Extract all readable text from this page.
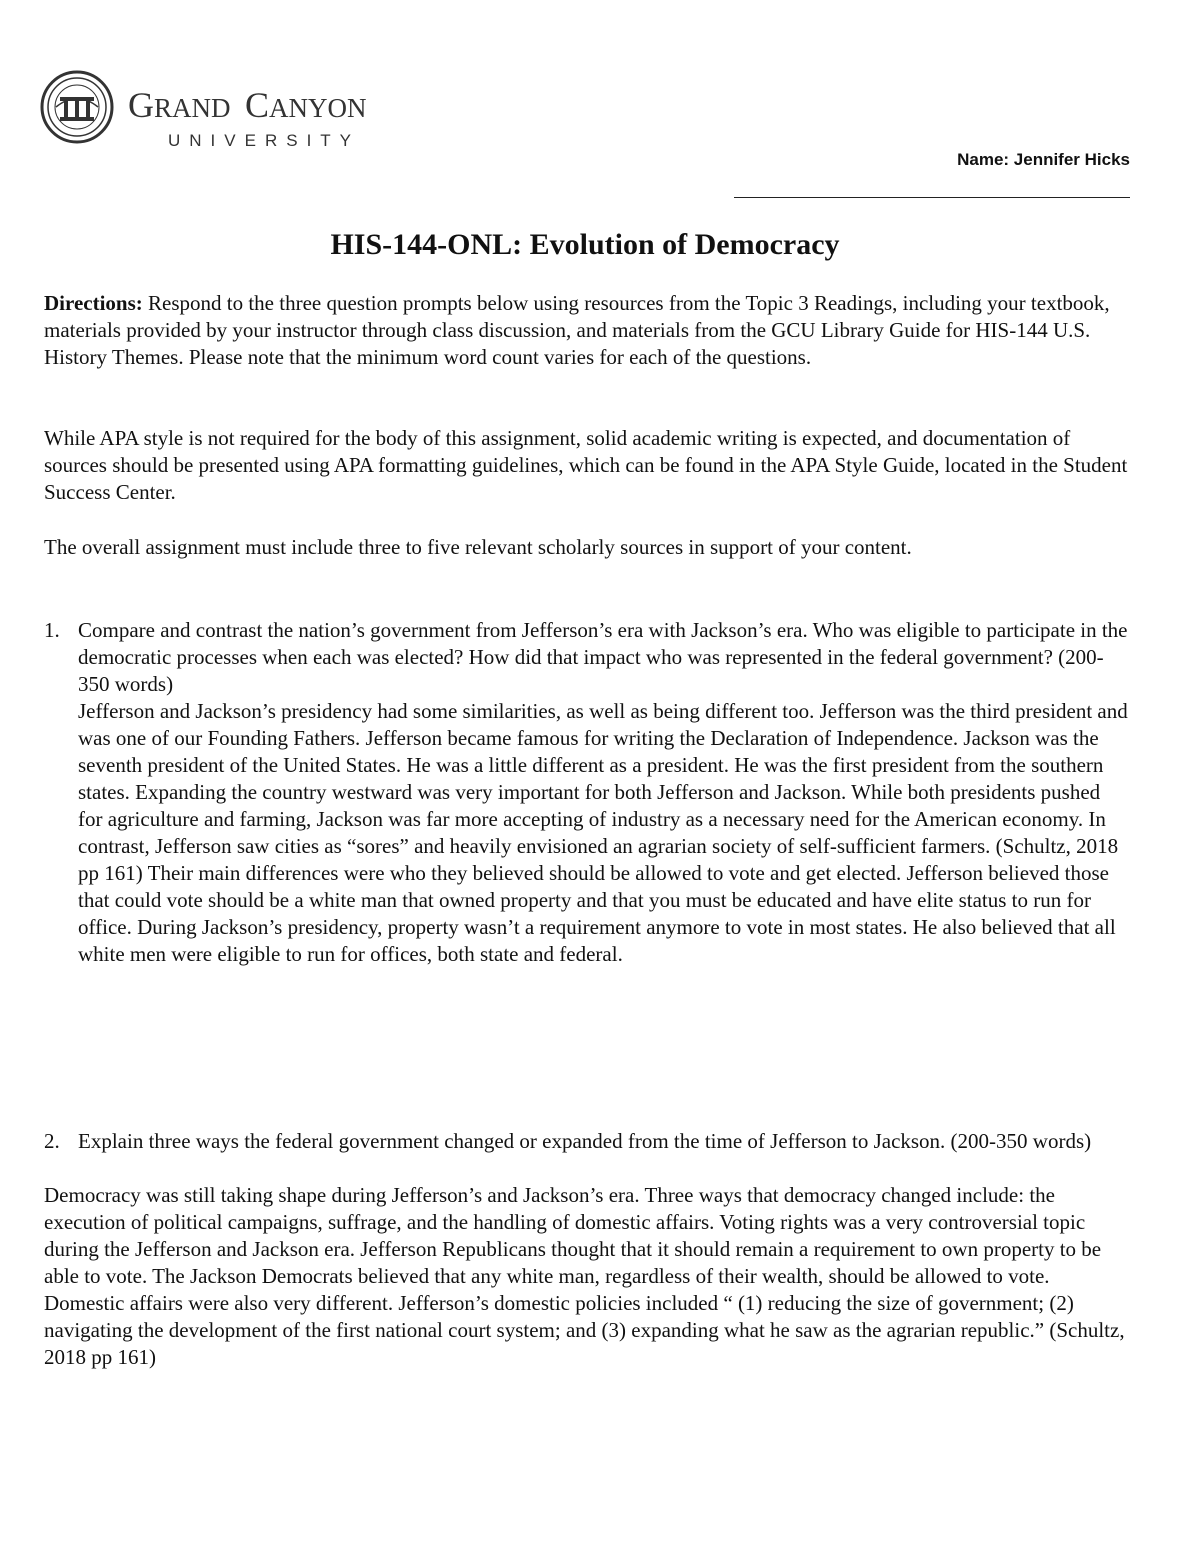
G RAND C ANYON
UNIVERSITY
Name: Jennifer Hicks
HIS-144-ONL: Evolution of Democracy

Directions: Respond to the three question prompts below using resources from the Topic 3 Readings, including your textbook, materials provided by your instructor through class discussion, and materials from the GCU Library Guide for HIS-144 U.S. History Themes. Please note that the minimum word count varies for each of the questions.

While APA style is not required for the body of this assignment, solid academic writing is expected, and documentation of sources should be presented using APA formatting guidelines, which can be found in the APA Style Guide, located in the Student Success Center.

The overall assignment must include three to five relevant scholarly sources in support of your content.

1. Compare and contrast the nation’s government from Jefferson’s era with Jackson’s era. Who was eligible to participate in the democratic processes when each was elected? How did that impact who was represented in the federal government? (200-350 words)

Jefferson and Jackson’s presidency had some similarities, as well as being different too. Jefferson was the third president and was one of our Founding Fathers. Jefferson became famous for writing the Declaration of Independence. Jackson was the seventh president of the United States. He was a little different as a president. He was the first president from the southern states. Expanding the country westward was very important for both Jefferson and Jackson. While both presidents pushed for agriculture and farming, Jackson was far more accepting of industry as a necessary need for the American economy. In contrast, Jefferson saw cities as “sores” and heavily envisioned an agrarian society of self-sufficient farmers. (Schultz, 2018 pp 161) Their main differences were who they believed should be allowed to vote and get elected. Jefferson believed those that could vote should be a white man that owned property and that you must be educated and have elite status to run for office. During Jackson’s presidency, property wasn’t a requirement anymore to vote in most states. He also believed that all white men were eligible to run for offices, both state and federal.

2. Explain three ways the federal government changed or expanded from the time of Jefferson to Jackson. (200-350 words)

Democracy was still taking shape during Jefferson’s and Jackson’s era. Three ways that democracy changed include: the execution of political campaigns, suffrage, and the handling of domestic affairs. Voting rights was a very controversial topic during the Jefferson and Jackson era. Jefferson Republicans thought that it should remain a requirement to own property to be able to vote. The Jackson Democrats believed that any white man, regardless of their wealth, should be allowed to vote. Domestic affairs were also very different. Jefferson’s domestic policies included “ (1) reducing the size of government; (2) navigating the development of the first national court system; and (3) expanding what he saw as the agrarian republic.” (Schultz, 2018 pp 161)
